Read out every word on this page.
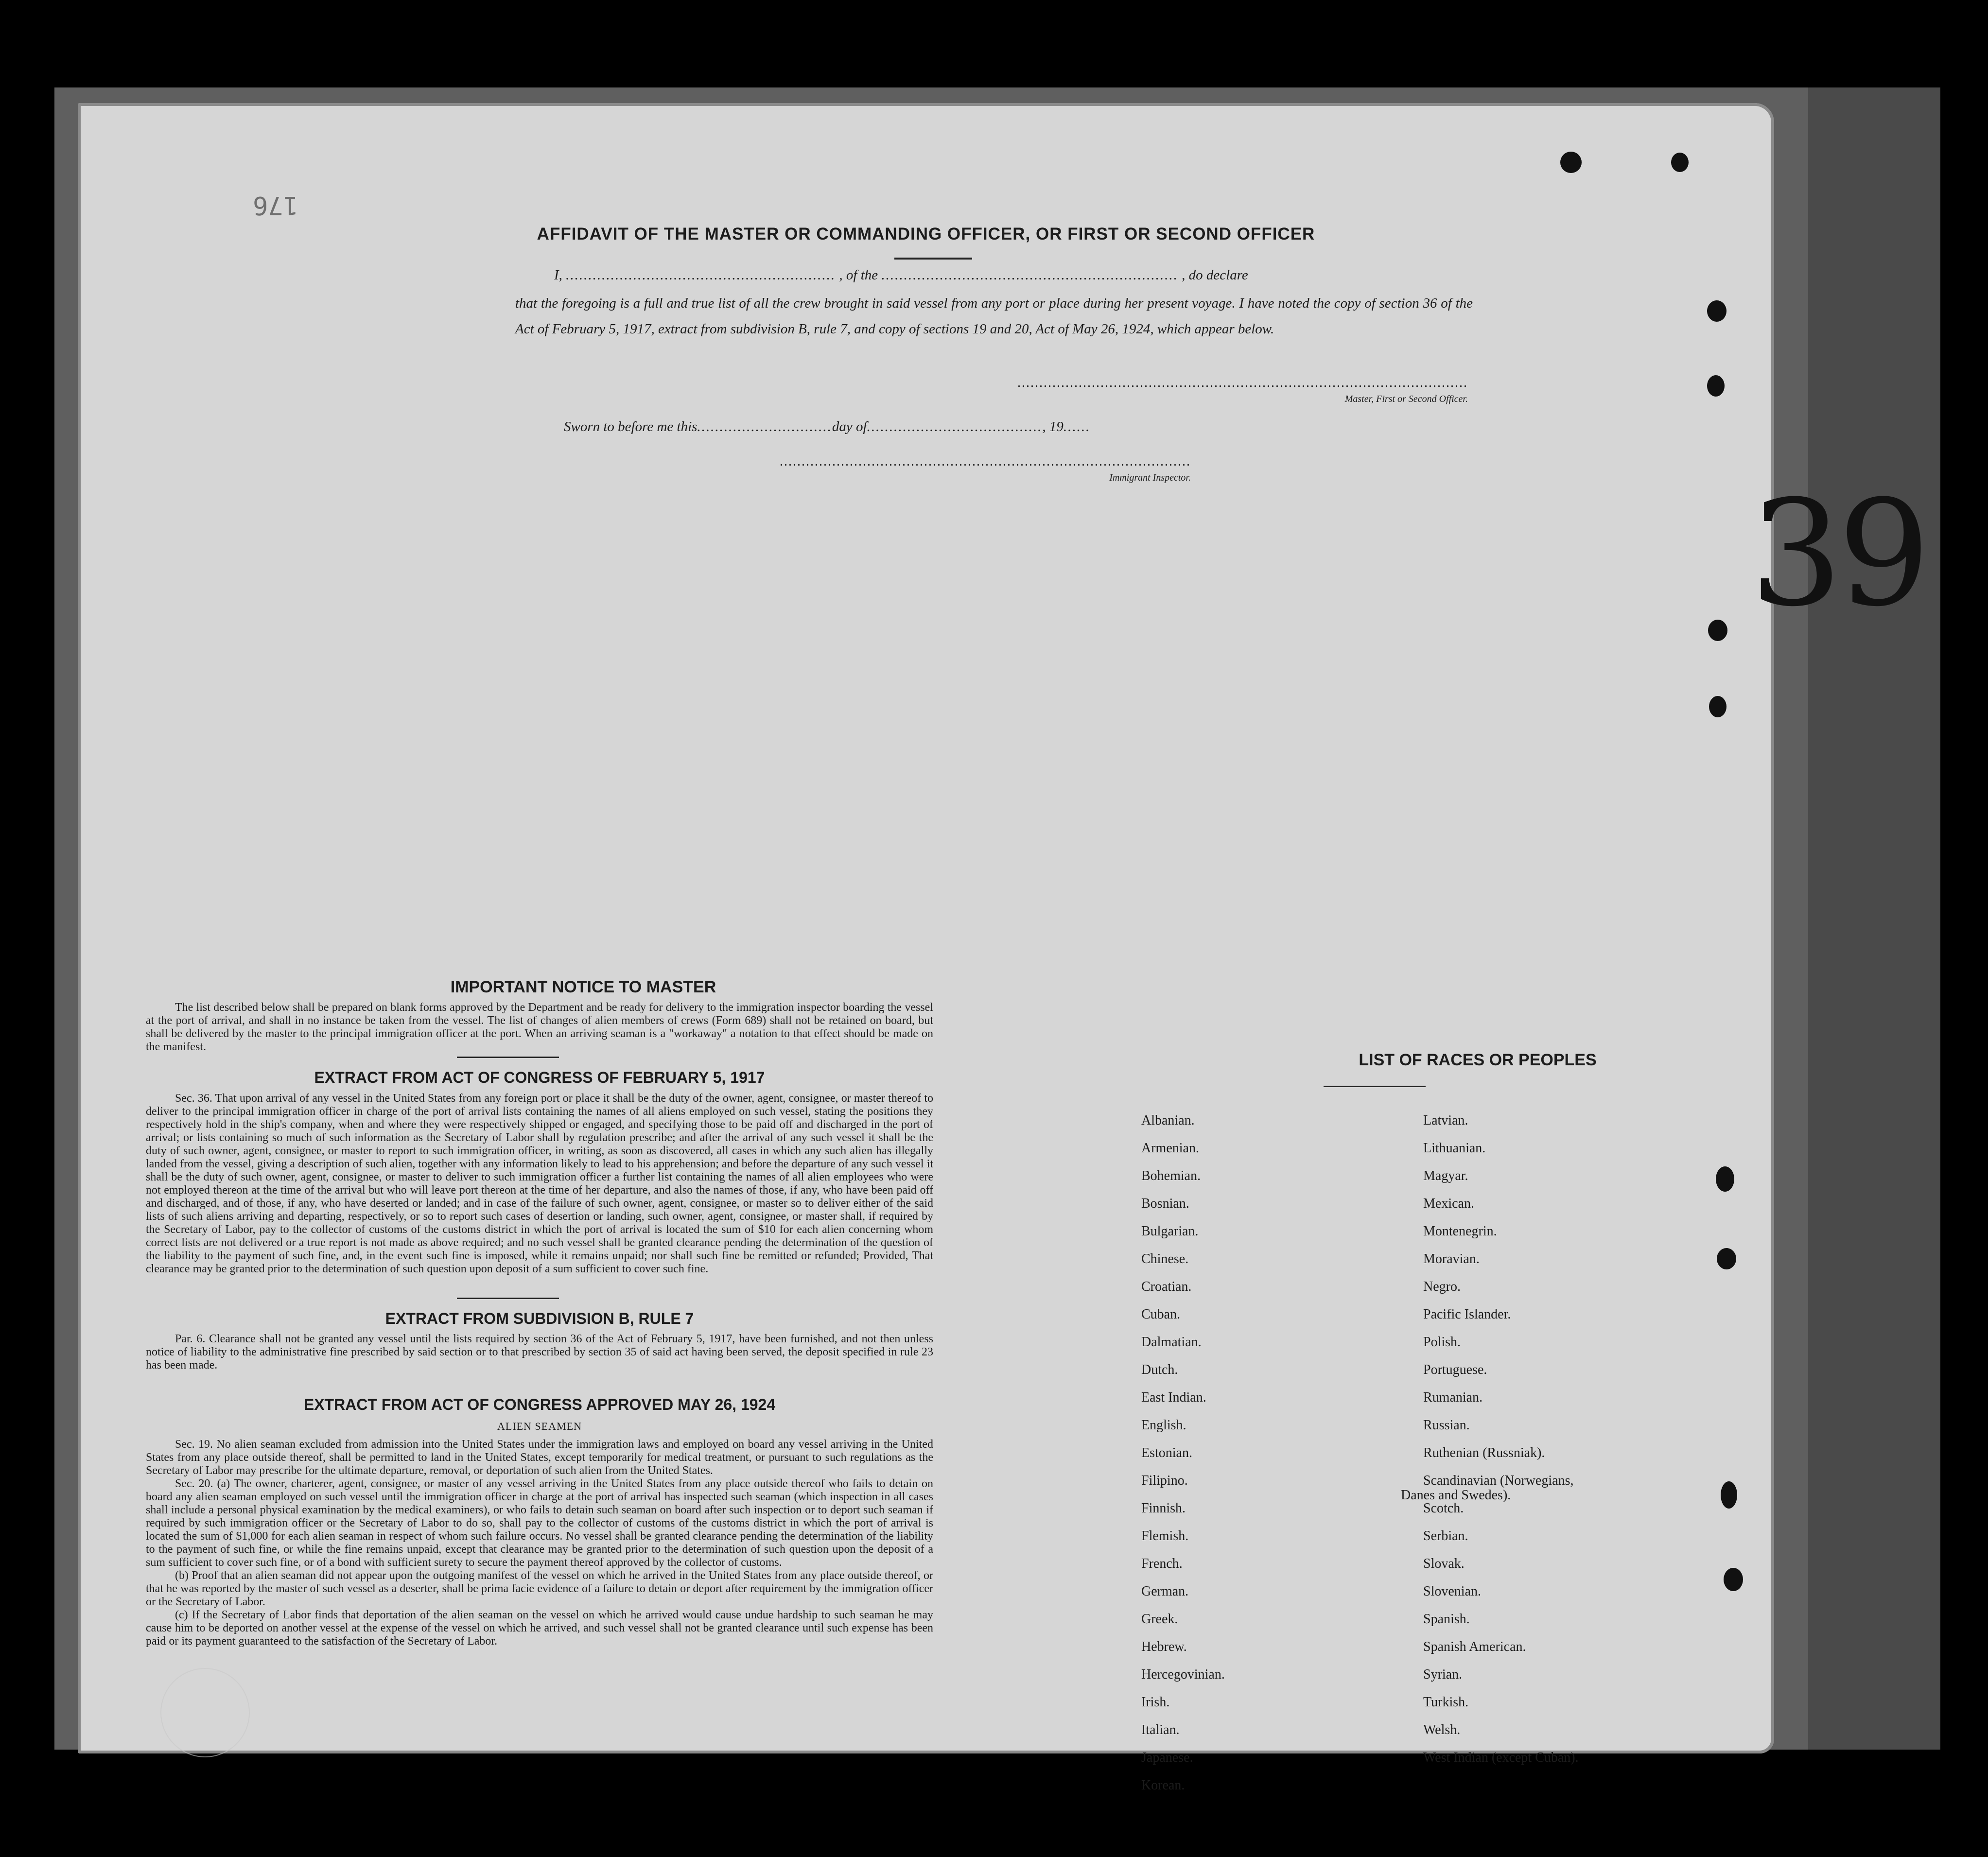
176
AFFIDAVIT OF THE MASTER OR COMMANDING OFFICER, OR FIRST OR SECOND OFFICER
I, ............................................................ , of the .................................................................. , do declare
that the foregoing is a full and true list of all the crew brought in said vessel from any port or place during her present voyage. I have noted the copy of section 36 of the Act of February 5, 1917, extract from subdivision B, rule 7, and copy of sections 19 and 20, Act of May 26, 1924, which appear below.
.......................................................................................................
Master, First or Second Officer.
Sworn to before me this..............................day of......................................., 19......
..............................................................................................
Immigrant Inspector.
IMPORTANT NOTICE TO MASTER
The list described below shall be prepared on blank forms approved by the Department and be ready for delivery to the immigration inspector boarding the vessel at the port of arrival, and shall in no instance be taken from the vessel. The list of changes of alien members of crews (Form 689) shall not be retained on board, but shall be delivered by the master to the principal immigration officer at the port. When an arriving seaman is a "workaway" a notation to that effect should be made on the manifest.
EXTRACT FROM ACT OF CONGRESS OF FEBRUARY 5, 1917
Sec. 36. That upon arrival of any vessel in the United States from any foreign port or place it shall be the duty of the owner, agent, consignee, or master thereof to deliver to the principal immigration officer in charge of the port of arrival lists containing the names of all aliens employed on such vessel, stating the positions they respectively hold in the ship's company, when and where they were respectively shipped or engaged, and specifying those to be paid off and discharged in the port of arrival; or lists containing so much of such information as the Secretary of Labor shall by regulation prescribe; and after the arrival of any such vessel it shall be the duty of such owner, agent, consignee, or master to report to such immigration officer, in writing, as soon as discovered, all cases in which any such alien has illegally landed from the vessel, giving a description of such alien, together with any information likely to lead to his apprehension; and before the departure of any such vessel it shall be the duty of such owner, agent, consignee, or master to deliver to such immigration officer a further list containing the names of all alien employees who were not employed thereon at the time of the arrival but who will leave port thereon at the time of her departure, and also the names of those, if any, who have been paid off and discharged, and of those, if any, who have deserted or landed; and in case of the failure of such owner, agent, consignee, or master so to deliver either of the said lists of such aliens arriving and departing, respectively, or so to report such cases of desertion or landing, such owner, agent, consignee, or master shall, if required by the Secretary of Labor, pay to the collector of customs of the customs district in which the port of arrival is located the sum of $10 for each alien concerning whom correct lists are not delivered or a true report is not made as above required; and no such vessel shall be granted clearance pending the determination of the question of the liability to the payment of such fine, and, in the event such fine is imposed, while it remains unpaid; nor shall such fine be remitted or refunded; Provided, That clearance may be granted prior to the determination of such question upon deposit of a sum sufficient to cover such fine.
EXTRACT FROM SUBDIVISION B, RULE 7
Par. 6. Clearance shall not be granted any vessel until the lists required by section 36 of the Act of February 5, 1917, have been furnished, and not then unless notice of liability to the administrative fine prescribed by said section or to that prescribed by section 35 of said act having been served, the deposit specified in rule 23 has been made.
EXTRACT FROM ACT OF CONGRESS APPROVED MAY 26, 1924
ALIEN SEAMEN
Sec. 19. No alien seaman excluded from admission into the United States under the immigration laws and employed on board any vessel arriving in the United States from any place outside thereof, shall be permitted to land in the United States, except temporarily for medical treatment, or pursuant to such regulations as the Secretary of Labor may prescribe for the ultimate departure, removal, or deportation of such alien from the United States.
Sec. 20. (a) The owner, charterer, agent, consignee, or master of any vessel arriving in the United States from any place outside thereof who fails to detain on board any alien seaman employed on such vessel until the immigration officer in charge at the port of arrival has inspected such seaman (which inspection in all cases shall include a personal physical examination by the medical examiners), or who fails to detain such seaman on board after such inspection or to deport such seaman if required by such immigration officer or the Secretary of Labor to do so, shall pay to the collector of customs of the customs district in which the port of arrival is located the sum of $1,000 for each alien seaman in respect of whom such failure occurs. No vessel shall be granted clearance pending the determination of the liability to the payment of such fine, or while the fine remains unpaid, except that clearance may be granted prior to the determination of such question upon the deposit of a sum sufficient to cover such fine, or of a bond with sufficient surety to secure the payment thereof approved by the collector of customs.
(b) Proof that an alien seaman did not appear upon the outgoing manifest of the vessel on which he arrived in the United States from any place outside thereof, or that he was reported by the master of such vessel as a deserter, shall be prima facie evidence of a failure to detain or deport after requirement by the immigration officer or the Secretary of Labor.
(c) If the Secretary of Labor finds that deportation of the alien seaman on the vessel on which he arrived would cause undue hardship to such seaman he may cause him to be deported on another vessel at the expense of the vessel on which he arrived, and such vessel shall not be granted clearance until such expense has been paid or its payment guaranteed to the satisfaction of the Secretary of Labor.
LIST OF RACES OR PEOPLES
Albanian.
Armenian.
Bohemian.
Bosnian.
Bulgarian.
Chinese.
Croatian.
Cuban.
Dalmatian.
Dutch.
East Indian.
English.
Estonian.
Filipino.
Finnish.
Flemish.
French.
German.
Greek.
Hebrew.
Hercegovinian.
Irish.
Italian.
Japanese.
Korean.
Latvian.
Lithuanian.
Magyar.
Mexican.
Montenegrin.
Moravian.
Negro.
Pacific Islander.
Polish.
Portuguese.
Rumanian.
Russian.
Ruthenian (Russniak).
Scandinavian (Norwegians,
Danes and Swedes).
Scotch.
Serbian.
Slovak.
Slovenian.
Spanish.
Spanish American.
Syrian.
Turkish.
Welsh.
West Indian (except Cuban).
39
